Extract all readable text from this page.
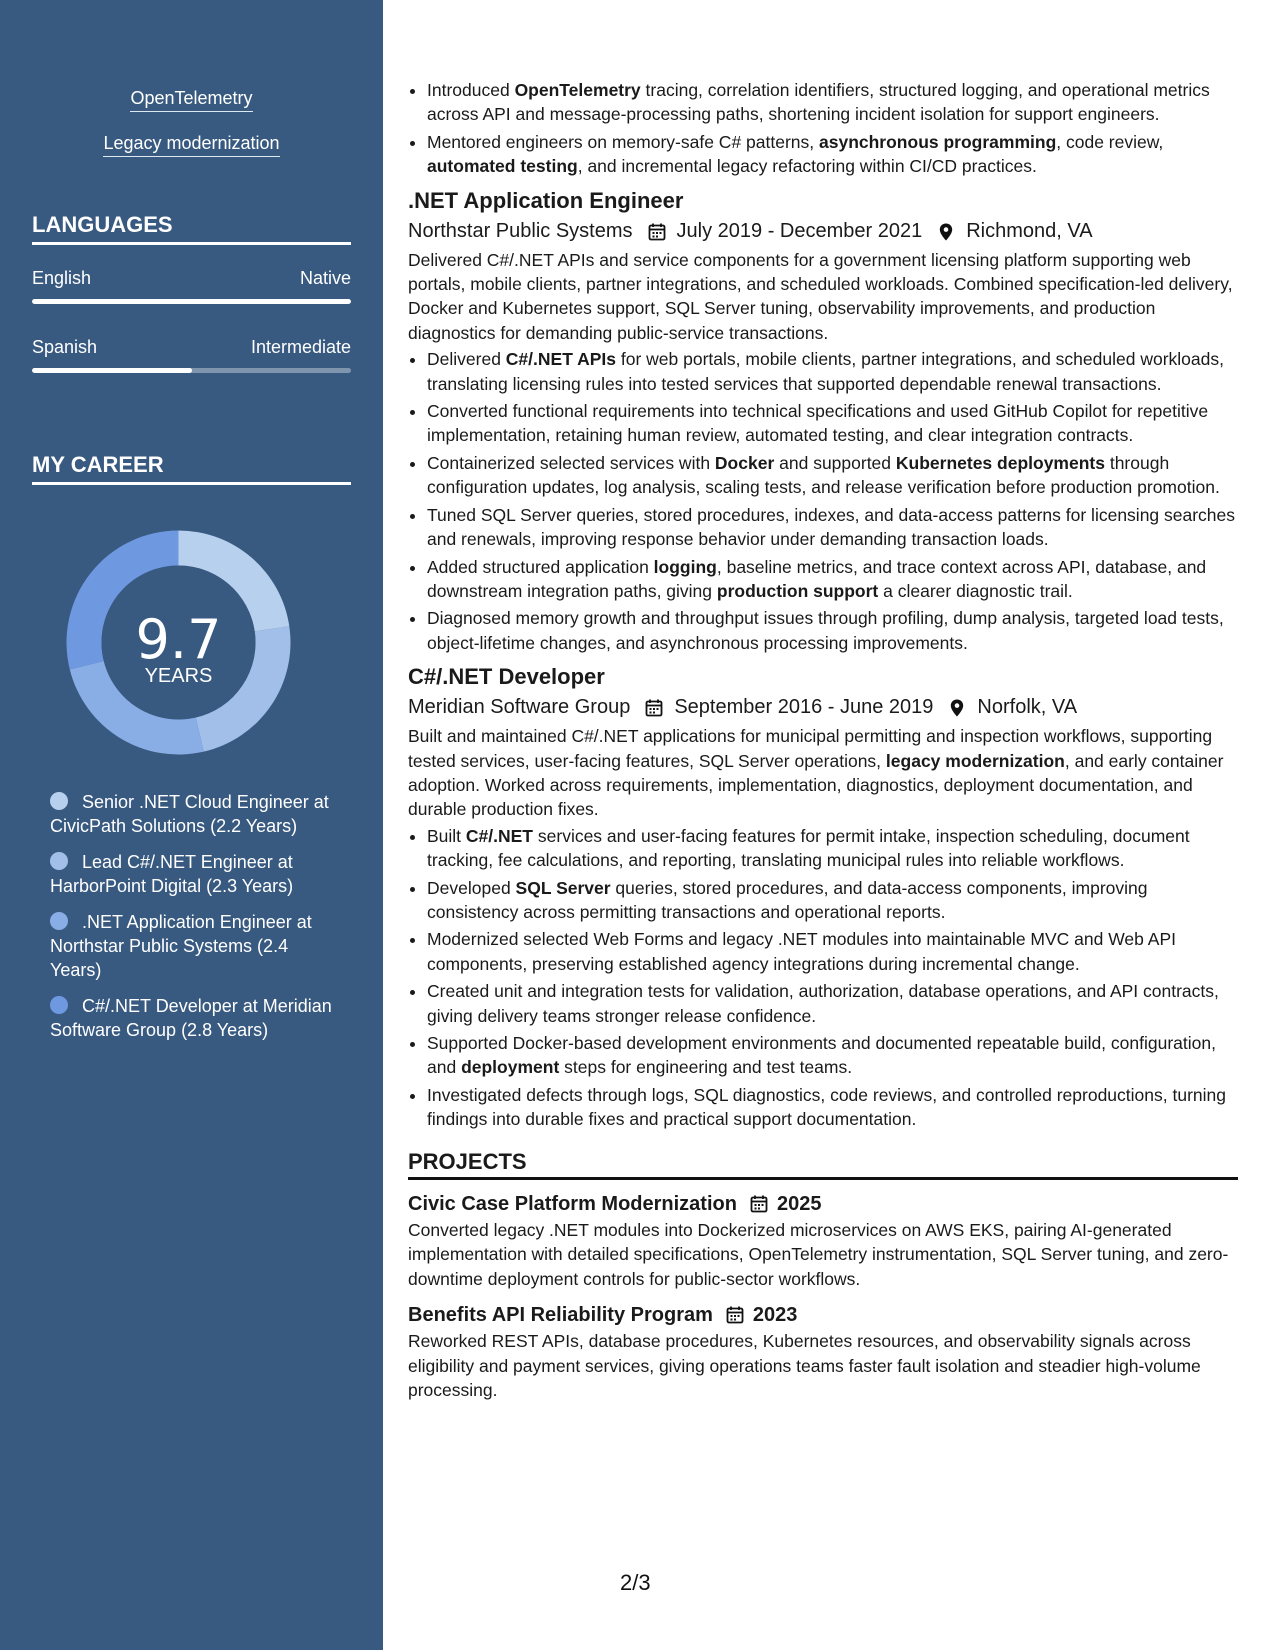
OpenTelemetry
Legacy modernization
LANGUAGES
English	Native
Spanish	Intermediate
MY CAREER
9.7
YEARS
Senior .NET Cloud Engineer at CivicPath Solutions (2.2 Years)
Lead C#/.NET Engineer at HarborPoint Digital (2.3 Years)
.NET Application Engineer at Northstar Public Systems (2.4 Years)
C#/.NET Developer at Meridian Software Group (2.8 Years)
• Introduced OpenTelemetry tracing, correlation identifiers, structured logging, and operational metrics across API and message-processing paths, shortening incident isolation for support engineers.
• Mentored engineers on memory-safe C# patterns, asynchronous programming, code review, automated testing, and incremental legacy refactoring within CI/CD practices.
.NET Application Engineer
Northstar Public Systems July 2019 - December 2021 Richmond, VA
Delivered C#/.NET APIs and service components for a government licensing platform supporting web portals, mobile clients, partner integrations, and scheduled workloads. Combined specification-led delivery, Docker and Kubernetes support, SQL Server tuning, observability improvements, and production diagnostics for demanding public-service transactions.
• Delivered C#/.NET APIs for web portals, mobile clients, partner integrations, and scheduled workloads, translating licensing rules into tested services that supported dependable renewal transactions.
• Converted functional requirements into technical specifications and used GitHub Copilot for repetitive implementation, retaining human review, automated testing, and clear integration contracts.
• Containerized selected services with Docker and supported Kubernetes deployments through configuration updates, log analysis, scaling tests, and release verification before production promotion.
• Tuned SQL Server queries, stored procedures, indexes, and data-access patterns for licensing searches and renewals, improving response behavior under demanding transaction loads.
• Added structured application logging, baseline metrics, and trace context across API, database, and downstream integration paths, giving production support a clearer diagnostic trail.
• Diagnosed memory growth and throughput issues through profiling, dump analysis, targeted load tests, object-lifetime changes, and asynchronous processing improvements.
C#/.NET Developer
Meridian Software Group September 2016 - June 2019 Norfolk, VA
Built and maintained C#/.NET applications for municipal permitting and inspection workflows, supporting tested services, user-facing features, SQL Server operations, legacy modernization, and early container adoption. Worked across requirements, implementation, diagnostics, deployment documentation, and durable production fixes.
• Built C#/.NET services and user-facing features for permit intake, inspection scheduling, document tracking, fee calculations, and reporting, translating municipal rules into reliable workflows.
• Developed SQL Server queries, stored procedures, and data-access components, improving consistency across permitting transactions and operational reports.
• Modernized selected Web Forms and legacy .NET modules into maintainable MVC and Web API components, preserving established agency integrations during incremental change.
• Created unit and integration tests for validation, authorization, database operations, and API contracts, giving delivery teams stronger release confidence.
• Supported Docker-based development environments and documented repeatable build, configuration, and deployment steps for engineering and test teams.
• Investigated defects through logs, SQL diagnostics, code reviews, and controlled reproductions, turning findings into durable fixes and practical support documentation.
PROJECTS
Civic Case Platform Modernization 2025
Converted legacy .NET modules into Dockerized microservices on AWS EKS, pairing AI-generated implementation with detailed specifications, OpenTelemetry instrumentation, SQL Server tuning, and zero-downtime deployment controls for public-sector workflows.
Benefits API Reliability Program 2023
Reworked REST APIs, database procedures, Kubernetes resources, and observability signals across eligibility and payment services, giving operations teams faster fault isolation and steadier high-volume processing.
2/3
